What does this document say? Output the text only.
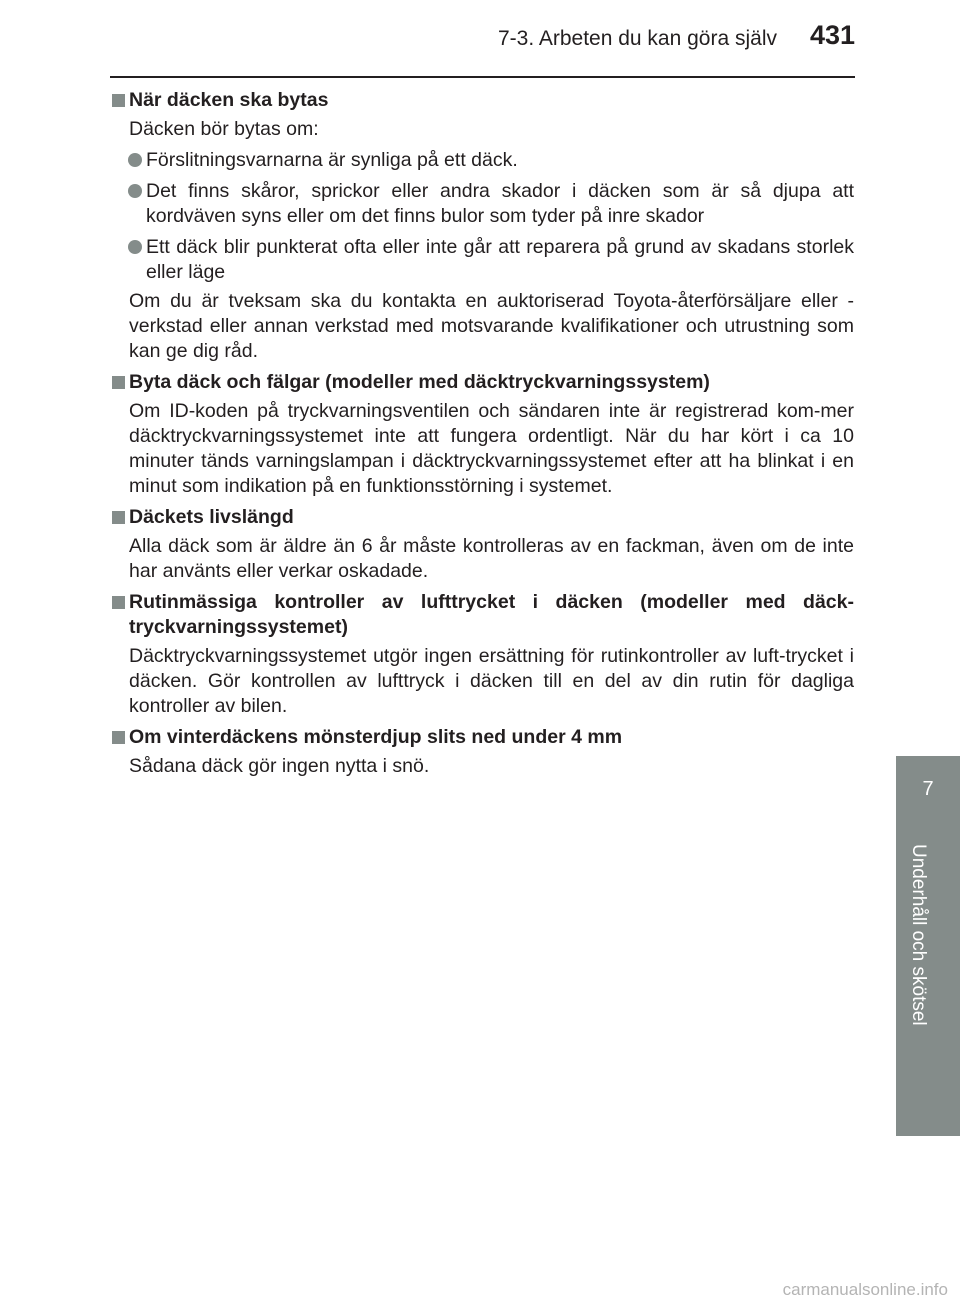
7-3. Arbeten du kan göra själv 431
7
Underhåll och skötsel
När däcken ska bytas
Däcken bör bytas om:
Förslitningsvarnarna är synliga på ett däck.
Det finns skåror, sprickor eller andra skador i däcken som är så djupa att kordväven syns eller om det finns bulor som tyder på inre skador
Ett däck blir punkterat ofta eller inte går att reparera på grund av skadans storlek eller läge
Om du är tveksam ska du kontakta en auktoriserad Toyota-återförsäljare eller -verkstad eller annan verkstad med motsvarande kvalifikationer och utrustning som kan ge dig råd.
Byta däck och fälgar (modeller med däcktryckvarningssystem)
Om ID-koden på tryckvarningsventilen och sändaren inte är registrerad kom-mer däcktryckvarningssystemet inte att fungera ordentligt. När du har kört i ca 10 minuter tänds varningslampan i däcktryckvarningssystemet efter att ha blinkat i en minut som indikation på en funktionsstörning i systemet.
Däckets livslängd
Alla däck som är äldre än 6 år måste kontrolleras av en fackman, även om de inte har använts eller verkar oskadade.
Rutinmässiga kontroller av lufttrycket i däcken (modeller med däck-tryckvarningssystemet)
Däcktryckvarningssystemet utgör ingen ersättning för rutinkontroller av luft-trycket i däcken. Gör kontrollen av lufttryck i däcken till en del av din rutin för dagliga kontroller av bilen.
Om vinterdäckens mönsterdjup slits ned under 4 mm
Sådana däck gör ingen nytta i snö.
carmanualsonline.info
